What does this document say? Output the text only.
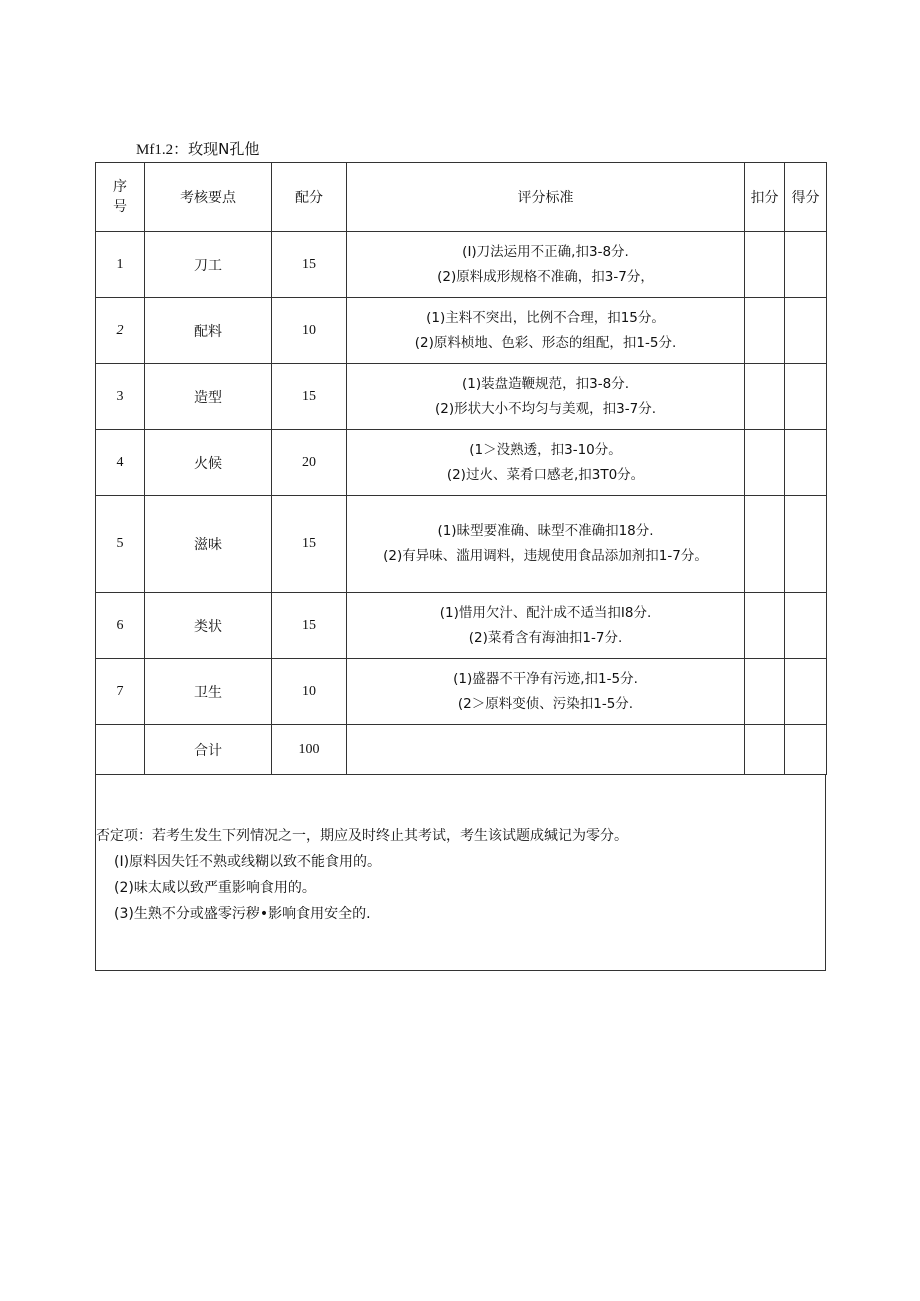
Mf1.2：玫现N孔他
序
号	考核要点	配分	评分标准	扣分	得分
1	刀工	15	(I)刀法运用不正确,扣3-8分.
(2)原料成形规格不准确，扣3-7分，		

2	配料	10	(1)主料不突出，比例不合理，扣15分。
(2)原料桢地、色彩、形态的组配，扣1-5分.		

3	造型	15	(1)装盘造鞭规范，扣3-8分.
(2)形状大小不均匀与美观，扣3-7分.		

4	火候	20	(1＞没熟透，扣3-10分。
(2)过火、菜肴口感老,扣3T0分。		

5	滋味	15	(1)昧型要准确、昧型不准确扣18分.
(2)有异味、滥用调料，违规使用食品添加剂扣1-7分。		

6	类状	15	(1)惜用欠汁、配汁成不适当扣I8分.
(2)菜肴含有海油扣1-7分.		

7	卫生	10	(1)盛器不干净有污迹,扣1-5分.
(2＞原料变侦、污染扣1-5分.		

	合计	100			
否定项：若考生发生下列情况之一，期应及时终止其考试，考生该试题成缄记为零分。
(I)原料因失饪不熟或线糊以致不能食用的。
(2)味太咸以致严重影响食用的。
(3)生熟不分或盛零污秽•影响食用安全的.
